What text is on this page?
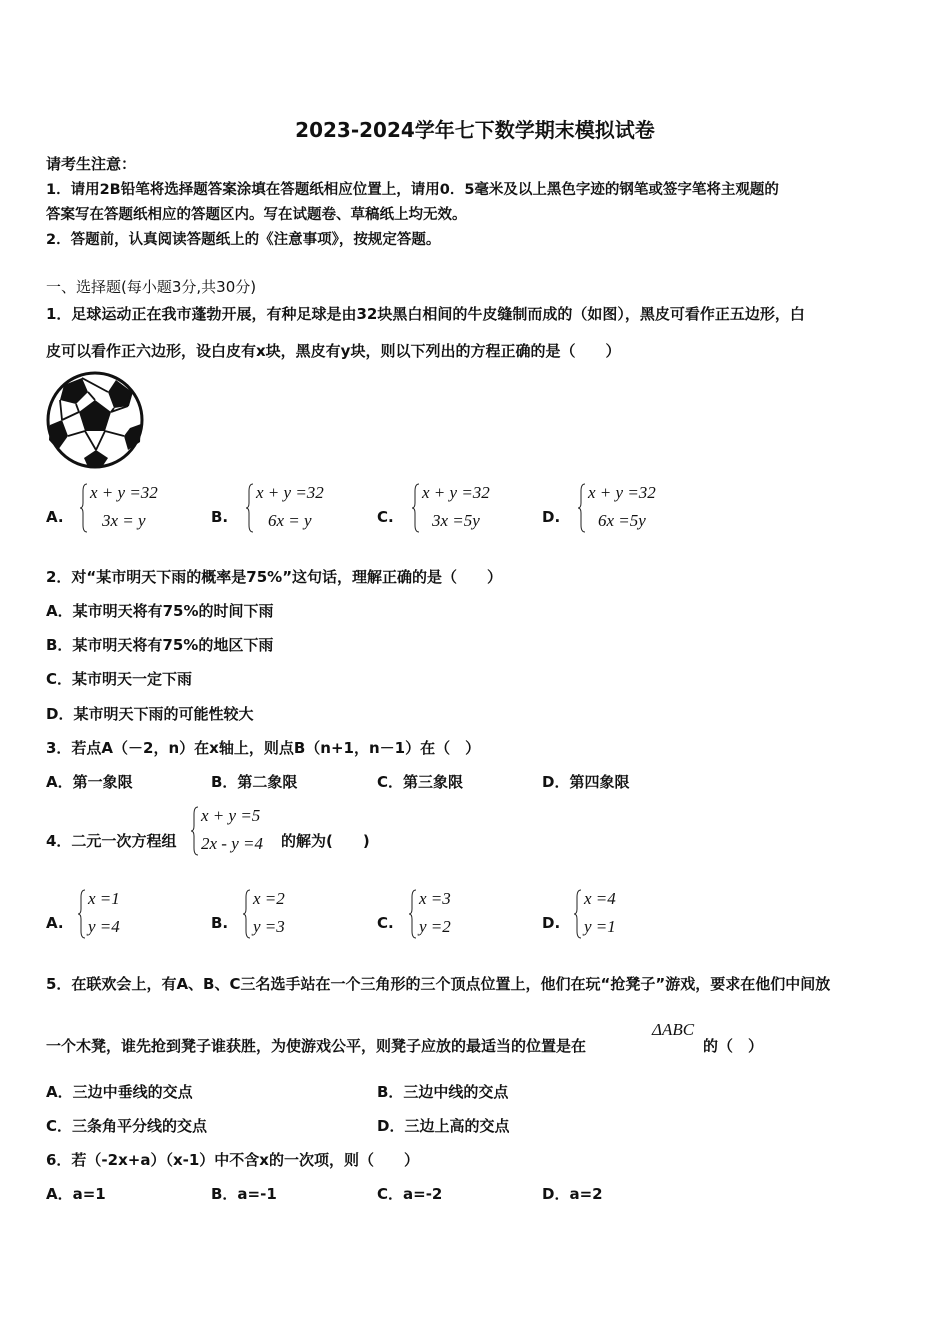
2023-2024学年七下数学期末模拟试卷
请考生注意：
1．请用2B铅笔将选择题答案涂填在答题纸相应位置上，请用0．5毫米及以上黑色字迹的钢笔或签字笔将主观题的
答案写在答题纸相应的答题区内。写在试题卷、草稿纸上均无效。
2．答题前，认真阅读答题纸上的《注意事项》，按规定答题。
一、选择题(每小题3分,共30分)
1．足球运动正在我市蓬勃开展，有种足球是由32块黑白相间的牛皮缝制而成的（如图），黑皮可看作正五边形，白
皮可以看作正六边形，设白皮有x块，黑皮有y块，则以下列出的方程正确的是（　　）
A.
x + y =32
3x = y	B.
x + y =32
6x = y	C.
x + y =32
3x =5y	D.
x + y =32
6x =5y
2．对“某市明天下雨的概率是75%”这句话，理解正确的是（　　）
A．某市明天将有75%的时间下雨
B．某市明天将有75%的地区下雨
C．某市明天一定下雨
D．某市明天下雨的可能性较大
3．若点A（－2，n）在x轴上，则点B（n+1，n－1）在（　）
A．第一象限	B．第二象限	C．第三象限	D．第四象限
4．二元一次方程组
x + y =5
2x - y =4 的解为(　　)
A.
x =1
y =4	B.
x =2
y =3	C.
x =3
y =2	D.
x =4
y =1
5．在联欢会上，有A、B、C三名选手站在一个三角形的三个顶点位置上，他们在玩“抢凳子”游戏，要求在他们中间放
一个木凳，谁先抢到凳子谁获胜，为使游戏公平，则凳子应放的最适当的位置是在
ΔABC
的（　）
A．三边中垂线的交点	B．三边中线的交点
C．三条角平分线的交点	D．三边上高的交点
6．若（-2x+a）（x-1）中不含x的一次项，则（　　）
A．a=1	B．a=-1	C．a=-2	D．a=2
